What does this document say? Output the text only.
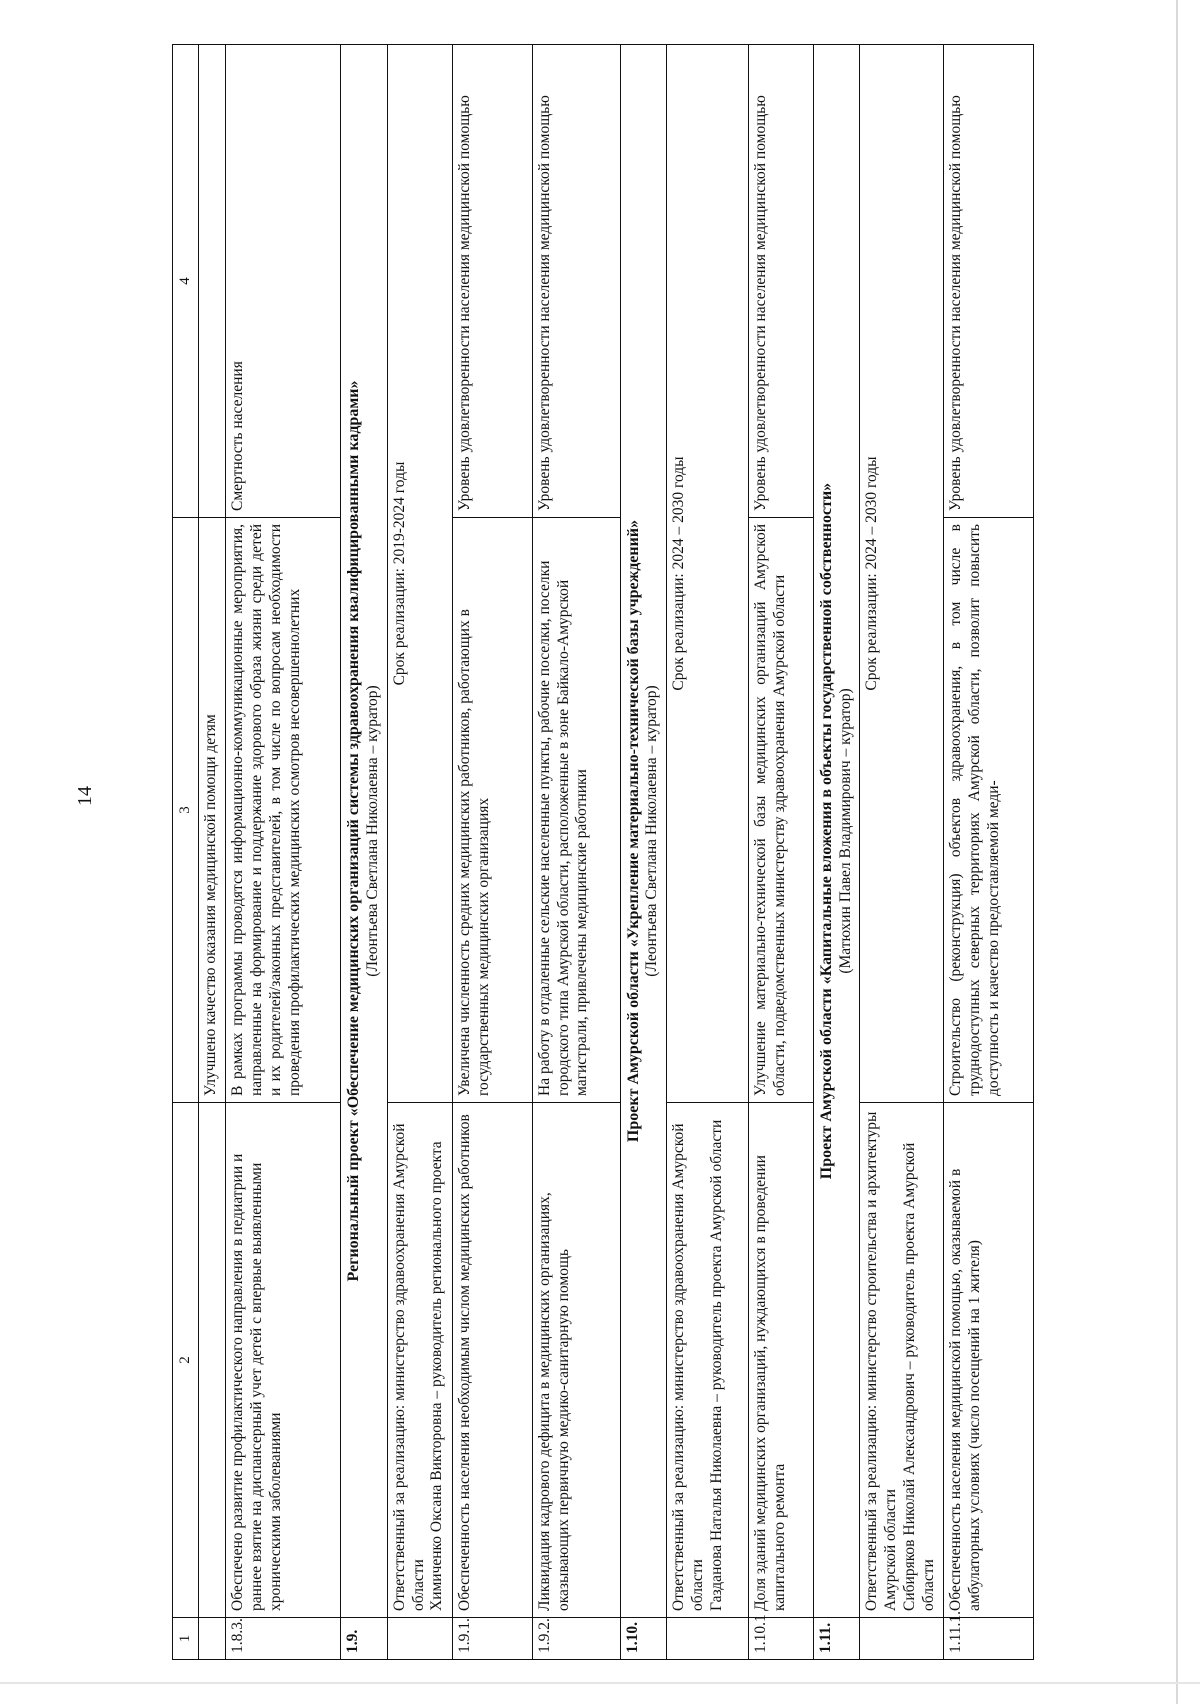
14
1	2	3	4
		Улучшено качество оказания медицинской помощи детям	
1.8.3.	Обеспечено развитие профилактического направления в педиатрии и раннее взятие на диспансерный учет детей с впервые выявленными хроническими заболеваниями	В рамках программы проводятся информационно-коммуникационные мероприятия, направленные на формирование и поддержание здорового образа жизни среди детей и их родителей/законных представителей, в том числе по вопросам необходимости проведения профилактических медицинских осмотров несовершеннолетних	Смертность населения
1.9.	Региональный проект «Обеспечение медицинских организаций системы здравоохранения квалифицированными кадрами» (Леонтьева Светлана Николаевна – куратор)		

	Ответственный за реализацию: министерство здравоохранения Амурской области Химиченко Оксана Викторовна – руководитель регионального проекта	Срок реализации: 2019-2024 годы	
1.9.1.	Обеспеченность населения необходимым числом медицинских работников	Увеличена численность средних медицинских работников, работающих в государственных медицинских организациях	Уровень удовлетворенности населения медицинской помощью
1.9.2.	Ликвидация кадрового дефицита в медицинских организациях, оказывающих первичную медико-санитарную помощь	На работу в отдаленные сельские населенные пункты, рабочие поселки, поселки городского типа Амурской области, расположенные в зоне Байкало-Амурской магистрали, привлечены медицинские работники	Уровень удовлетворенности населения медицинской помощью
1.10.	Проект Амурской области «Укрепление материально-технической базы учреждений» (Леонтьева Светлана Николаевна – куратор)		

	Ответственный за реализацию: министерство здравоохранения Амурской области Газданова Наталья Николаевна – руководитель проекта Амурской области	Срок реализации: 2024 – 2030 годы	
1.10.1	Доля зданий медицинских организаций, нуждающихся в проведении капитального ремонта	Улучшение материально-технической базы медицинских организаций Амурской области, подведомственных министерству здравоохранения Амурской области	Уровень удовлетворенности населения медицинской помощью
1.11.	Проект Амурской области «Капитальные вложения в объекты государственной собственности» (Матюхин Павел Владимирович – куратор)		

	Ответственный за реализацию: министерство строительства и архитектуры Амурской области Сибиряков Николай Александрович – руководитель проекта Амурской области	Срок реализации: 2024 – 2030 годы	
1.11.1.	Обеспеченность населения медицинской помощью, оказываемой в амбулаторных условиях (число посещений на 1 жителя)	Строительство (реконструкция) объектов здравоохранения, в том числе в труднодоступных северных территориях Амурской области, позволит повысить доступность и качество предоставляемой меди-	Уровень удовлетворенности населения медицинской помощью
